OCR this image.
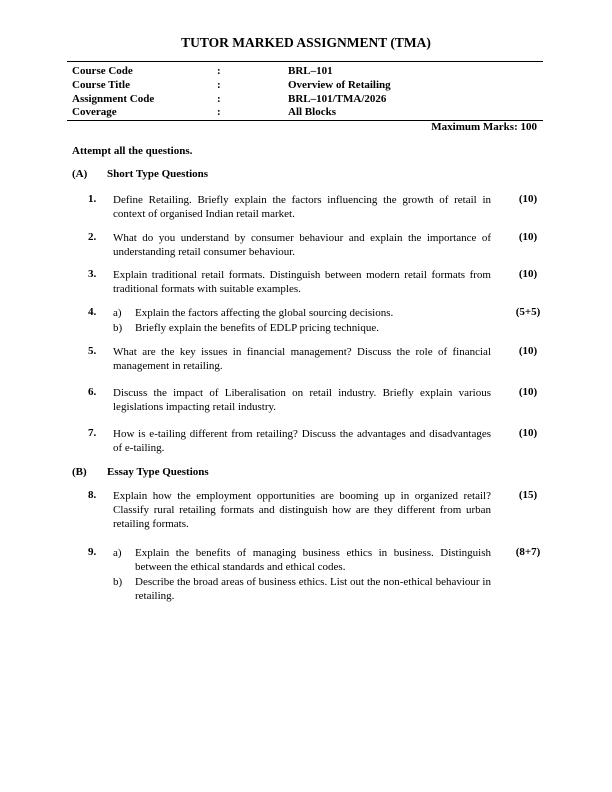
TUTOR MARKED ASSIGNMENT (TMA)
Course Code	:	BRL–101
Course Title	:	Overview of Retailing
Assignment Code	:	BRL–101/TMA/2026
Coverage	:	All Blocks
Maximum Marks: 100
Attempt all the questions.
(A) Short Type Questions
1. Define Retailing. Briefly explain the factors influencing the growth of retail in context of organised Indian retail market.
(10)
2. What do you understand by consumer behaviour and explain the importance of understanding retail consumer behaviour.
(10)
3. Explain traditional retail formats. Distinguish between modern retail formats from traditional formats with suitable examples.
(10)
4. a) Explain the factors affecting the global sourcing decisions.
b) Briefly explain the benefits of EDLP pricing technique.
(5+5)
5. What are the key issues in financial management? Discuss the role of financial management in retailing.
(10)
6. Discuss the impact of Liberalisation on retail industry. Briefly explain various legislations impacting retail industry.
(10)
7. How is e-tailing different from retailing? Discuss the advantages and disadvantages of e-tailing.
(10)
(B) Essay Type Questions
8. Explain how the employment opportunities are booming up in organized retail? Classify rural retailing formats and distinguish how are they different from urban retailing formats.
(15)
9. a) Explain the benefits of managing business ethics in business. Distinguish between the ethical standards and ethical codes.
b) Describe the broad areas of business ethics. List out the non-ethical behaviour in retailing.
(8+7)
